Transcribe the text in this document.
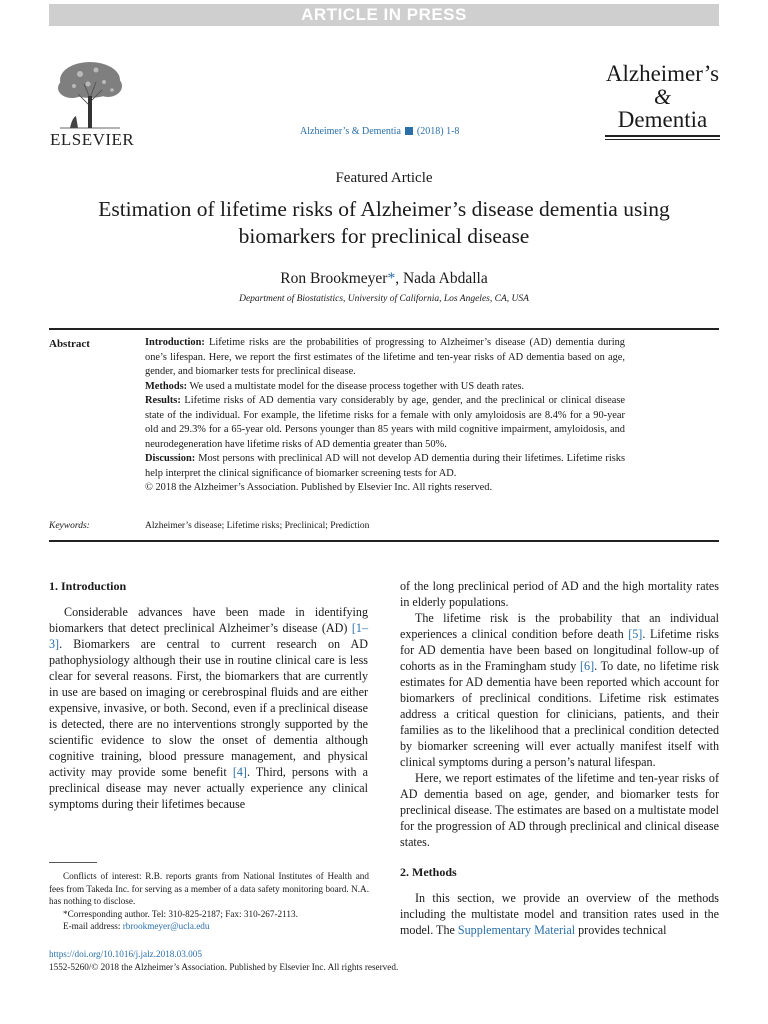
ARTICLE IN PRESS
ELSEVIER	Alzheimer’s & Dementia (2018) 1-8
Alzheimer’s
&
Dementia
Featured Article
Estimation of lifetime risks of Alzheimer’s disease dementia using biomarkers for preclinical disease
Ron Brookmeyer*, Nada Abdalla
Department of Biostatistics, University of California, Los Angeles, CA, USA
Abstract	Introduction: Lifetime risks are the probabilities of progressing to Alzheimer’s disease (AD) dementia during one’s lifespan. Here, we report the first estimates of the lifetime and ten-year risks of AD dementia based on age, gender, and biomarker tests for preclinical disease.
Methods: We used a multistate model for the disease process together with US death rates.
Results: Lifetime risks of AD dementia vary considerably by age, gender, and the preclinical or clinical disease state of the individual. For example, the lifetime risks for a female with only amyloidosis are 8.4% for a 90-year old and 29.3% for a 65-year old. Persons younger than 85 years with mild cognitive impairment, amyloidosis, and neurodegeneration have lifetime risks of AD dementia greater than 50%.
Discussion: Most persons with preclinical AD will not develop AD dementia during their lifetimes. Lifetime risks help interpret the clinical significance of biomarker screening tests for AD.
© 2018 the Alzheimer’s Association. Published by Elsevier Inc. All rights reserved.
Keywords:	Alzheimer’s disease; Lifetime risks; Preclinical; Prediction
1. Introduction

Considerable advances have been made in identifying biomarkers that detect preclinical Alzheimer’s disease (AD) [1–3]. Biomarkers are central to current research on AD pathophysiology although their use in routine clinical care is less clear for several reasons. First, the biomarkers that are currently in use are based on imaging or cerebrospinal fluids and are either expensive, invasive, or both. Second, even if a preclinical disease is detected, there are no interventions strongly supported by the scientific evidence to slow the onset of dementia although cognitive training, blood pressure management, and physical activity may provide some benefit [4]. Third, persons with a preclinical disease may never actually experience any clinical symptoms during their lifetimes because

of the long preclinical period of AD and the high mortality rates in elderly populations.

The lifetime risk is the probability that an individual experiences a clinical condition before death [5]. Lifetime risks for AD dementia have been based on longitudinal follow-up of cohorts as in the Framingham study [6]. To date, no lifetime risk estimates for AD dementia have been reported which account for biomarkers of preclinical conditions. Lifetime risk estimates address a critical question for clinicians, patients, and their families as to the likelihood that a preclinical condition detected by biomarker screening will ever actually manifest itself with clinical symptoms during a person’s natural lifespan.

Here, we report estimates of the lifetime and ten-year risks of AD dementia based on age, gender, and biomarker tests for preclinical disease. The estimates are based on a multistate model for the progression of AD through preclinical and clinical disease states.

2. Methods

In this section, we provide an overview of the methods including the multistate model and transition rates used in the model. The Supplementary Material provides technical

Conflicts of interest: R.B. reports grants from National Institutes of Health and fees from Takeda Inc. for serving as a member of a data safety monitoring board. N.A. has nothing to disclose.

*Corresponding author. Tel: 310-825-2187; Fax: 310-267-2113.

E-mail address: rbrookmeyer@ucla.edu

https://doi.org/10.1016/j.jalz.2018.03.005
1552-5260/© 2018 the Alzheimer’s Association. Published by Elsevier Inc. All rights reserved.
